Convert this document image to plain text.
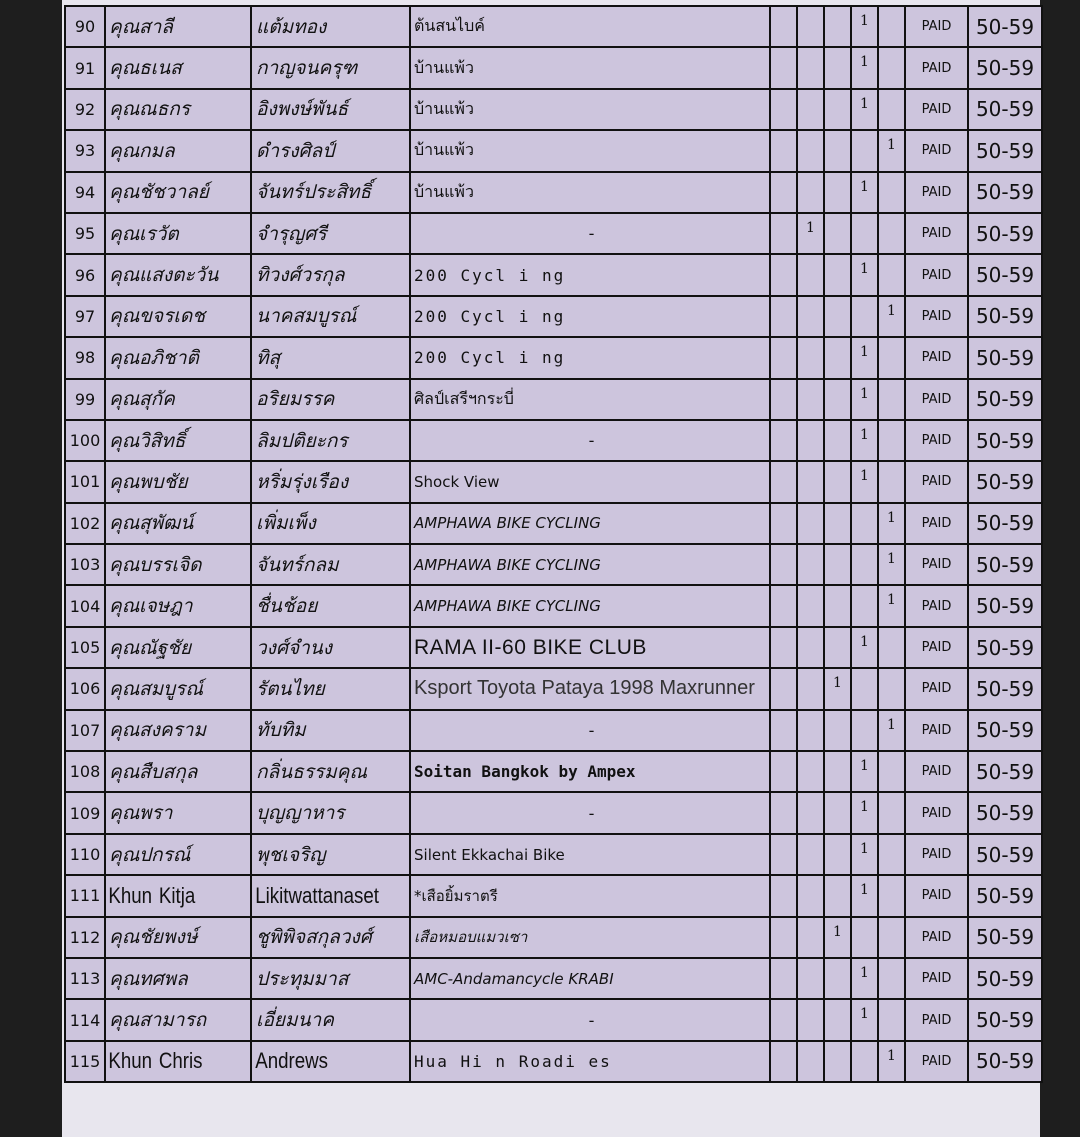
90	คุณสาลี	แต้มทอง	ต้นสนไบค์				1		PAID	50-59
91	คุณธเนส	กาญจนครุฑ	บ้านแพ้ว				1		PAID	50-59
92	คุณณธกร	อิงพงษ์พันธ์	บ้านแพ้ว				1		PAID	50-59
93	คุณกมล	ดำรงศิลป์	บ้านแพ้ว					1	PAID	50-59
94	คุณชัชวาลย์	จันทร์ประสิทธิ์	บ้านแพ้ว				1		PAID	50-59
95	คุณเรวัต	จำรุญศรี	-		1				PAID	50-59
96	คุณแสงตะวัน	ทิวงศ์วรกุล	200 Cycl i ng				1		PAID	50-59
97	คุณขจรเดช	นาคสมบูรณ์	200 Cycl i ng					1	PAID	50-59
98	คุณอภิชาติ	ทิสุ	200 Cycl i ng				1		PAID	50-59
99	คุณสุกัค	อริยมรรค	ศิลป์เสรีฯกระบี่				1		PAID	50-59
100	คุณวิสิทธิ์	ลิมปติยะกร	-				1		PAID	50-59
101	คุณพบชัย	หริ่มรุ่งเรือง	Shock View				1		PAID	50-59
102	คุณสุพัฒน์	เพิ่มเพ็ง	AMPHAWA BIKE CYCLING					1	PAID	50-59
103	คุณบรรเจิด	จันทร์กลม	AMPHAWA BIKE CYCLING					1	PAID	50-59
104	คุณเจษฎา	ชื่นช้อย	AMPHAWA BIKE CYCLING					1	PAID	50-59
105	คุณณัฐชัย	วงศ์จำนง	RAMA II-60 BIKE CLUB				1		PAID	50-59
106	คุณสมบูรณ์	รัตนไทย	Ksport Toyota Pataya 1998 Maxrunner			1			PAID	50-59
107	คุณสงคราม	ทับทิม	-					1	PAID	50-59
108	คุณสืบสกุล	กลิ่นธรรมคุณ	Soitan Bangkok by Ampex				1		PAID	50-59
109	คุณพรา	บุญญาหาร	-				1		PAID	50-59
110	คุณปกรณ์	พุชเจริญ	Silent Ekkachai Bike				1		PAID	50-59
111	Khun Kitja	Likitwattanaset	*เสือยิ้มราตรี				1		PAID	50-59
112	คุณชัยพงษ์	ชูพิพิจสกุลวงศ์	เสือหมอบแมวเซา			1			PAID	50-59
113	คุณทศพล	ประทุมมาส	AMC-Andamancycle KRABI				1		PAID	50-59
114	คุณสามารถ	เอี่ยมนาค	-				1		PAID	50-59
115	Khun Chris	Andrews	Hua Hi n Roadi es					1	PAID	50-59
